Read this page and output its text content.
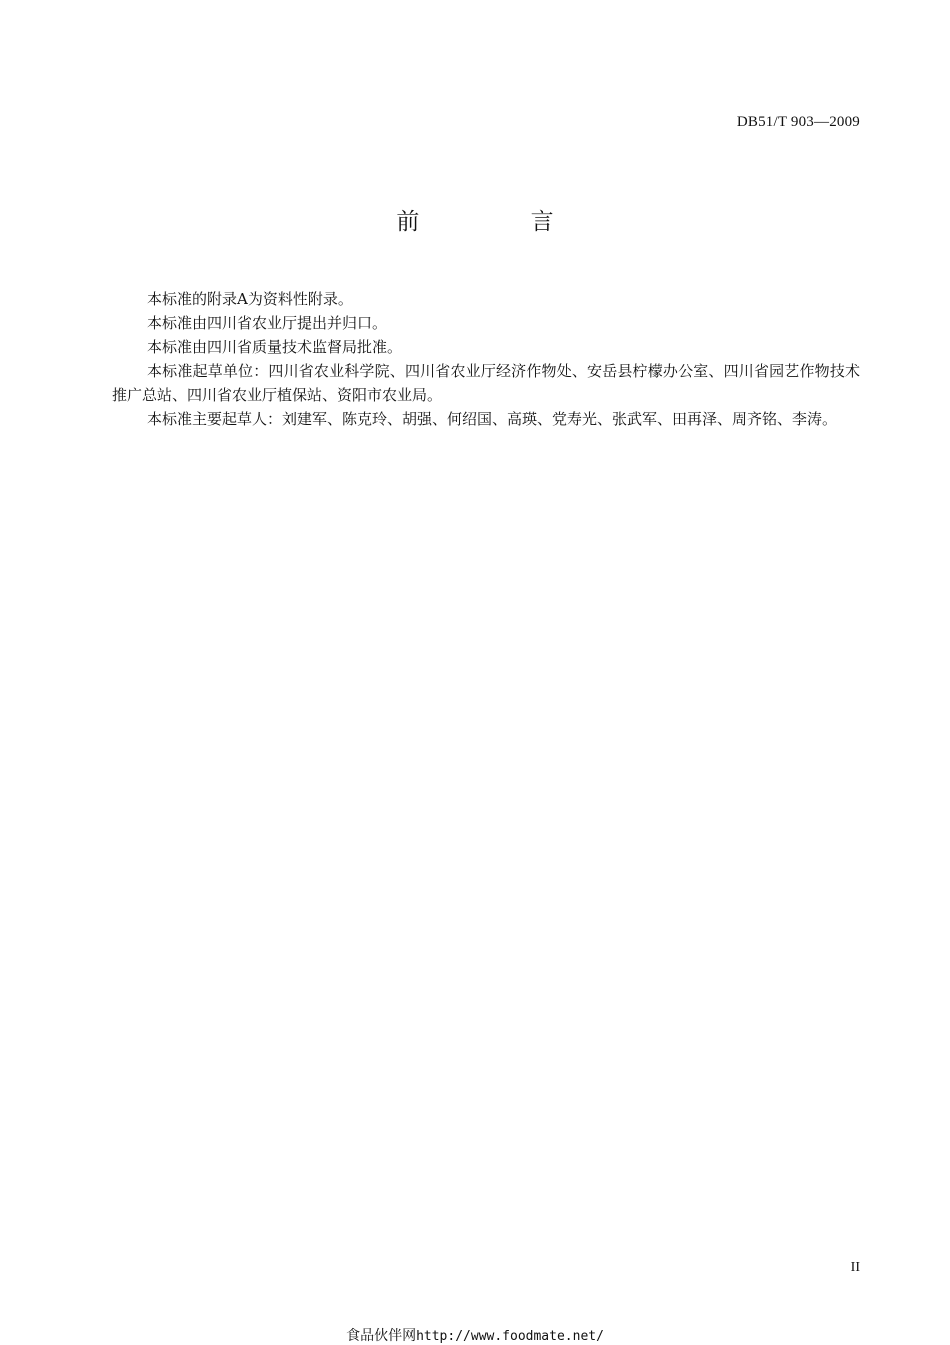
DB51/T 903—2009
前 言

本标准的附录A为资料性附录。

本标准由四川省农业厅提出并归口。

本标准由四川省质量技术监督局批准。

本标准起草单位：四川省农业科学院、四川省农业厅经济作物处、安岳县柠檬办公室、四川省园艺作物技术推广总站、四川省农业厅植保站、资阳市农业局。

本标准主要起草人：刘建军、陈克玲、胡强、何绍国、高瑛、党寿光、张武军、田再泽、周齐铭、李涛。

II
食品伙伴网http://www.foodmate.net/
